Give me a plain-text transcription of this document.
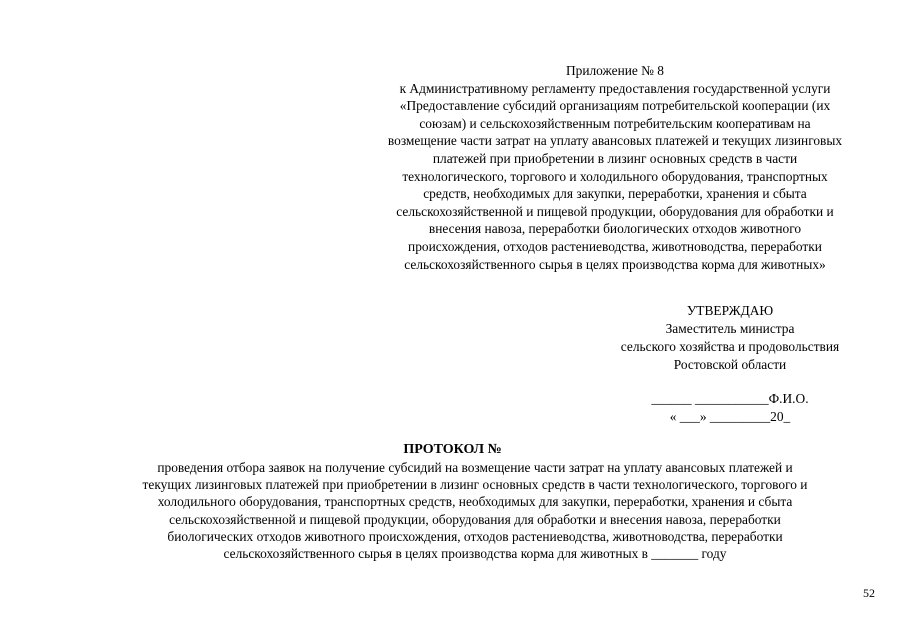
Приложение № 8
к Административному регламенту предоставления государственной услуги
«Предоставление субсидий организациям потребительской кооперации (их
союзам) и сельскохозяйственным потребительским кооперативам на
возмещение части затрат на уплату авансовых платежей и текущих лизинговых
платежей при приобретении в лизинг основных средств в части
технологического, торгового и холодильного оборудования, транспортных
средств, необходимых для закупки, переработки, хранения и сбыта
сельскохозяйственной и пищевой продукции, оборудования для обработки и
внесения навоза, переработки биологических отходов животного
происхождения, отходов растениеводства, животноводства, переработки
сельскохозяйственного сырья в целях производства корма для животных»
УТВЕРЖДАЮ
Заместитель министра
сельского хозяйства и продовольствия
Ростовской области
______ ___________Ф.И.О.
« ___» _________20_
ПРОТОКОЛ №
проведения отбора заявок на получение субсидий на возмещение части затрат на уплату авансовых платежей и
текущих лизинговых платежей при приобретении в лизинг основных средств в части технологического, торгового и
холодильного оборудования, транспортных средств, необходимых для закупки, переработки, хранения и сбыта
сельскохозяйственной и пищевой продукции, оборудования для обработки и внесения навоза, переработки
биологических отходов животного происхождения, отходов растениеводства, животноводства, переработки
сельскохозяйственного сырья в целях производства корма для животных в _______ году
52
